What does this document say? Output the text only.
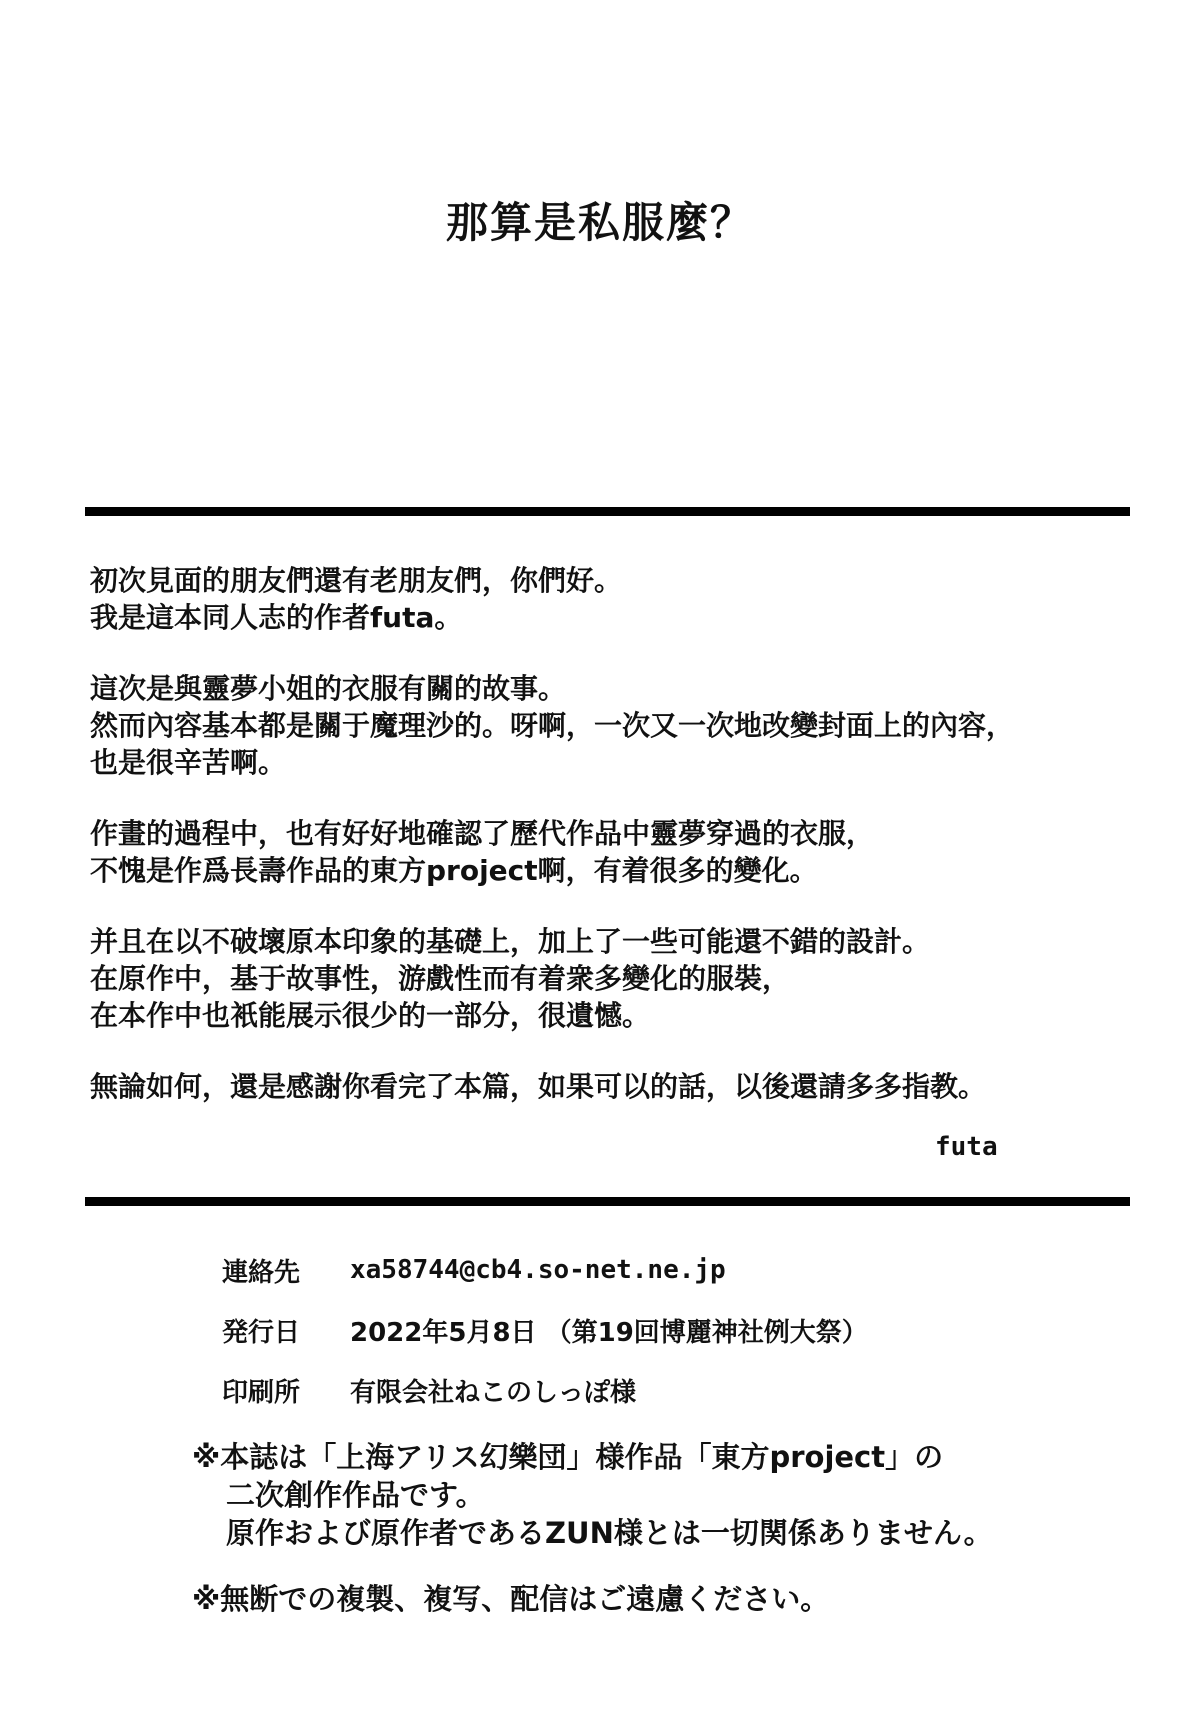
那算是私服麼？
初次見面的朋友們還有老朋友們，你們好。
我是這本同人志的作者futa。
這次是與靈夢小姐的衣服有關的故事。
然而內容基本都是關于魔理沙的。呀啊，一次又一次地改變封面上的內容，
也是很辛苦啊。
作畫的過程中，也有好好地確認了歷代作品中靈夢穿過的衣服，
不愧是作爲長壽作品的東方project啊，有着很多的變化。
并且在以不破壞原本印象的基礎上，加上了一些可能還不錯的設計。
在原作中，基于故事性，游戲性而有着衆多變化的服裝，
在本作中也衹能展示很少的一部分，很遺憾。
無論如何，還是感謝你看完了本篇，如果可以的話，以後還請多多指教。
futa
連絡先	xa58744@cb4.so-net.ne.jp
発行日	2022年5月8日 （第19回博麗神社例大祭）
印刷所	有限会社ねこのしっぽ様
※本誌は「上海アリス幻樂団」様作品「東方project」の
二次創作作品です。
原作および原作者であるZUN様とは一切関係ありません。
※無断での複製、複写、配信はご遠慮ください。
